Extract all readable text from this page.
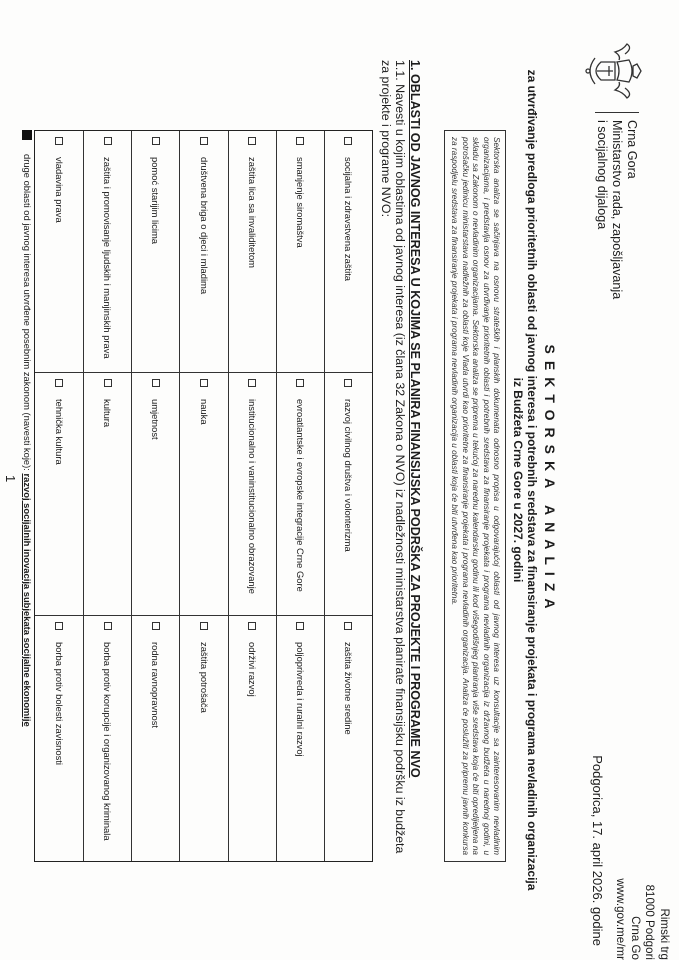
Crna Gora
Ministarstvo rada, zapošljavanja
i socijalnog dijaloga
Rimski trg
81000 Podgori
Crna Go
www.gov.me/mr
Podgorica, 17. april 2026. godine
SEKTORSKA ANALIZA
za utvrđivanje predloga prioritetnih oblasti od javnog interesa i potrebnih sredstava za finansiranje projekata i programa nevladinih organizacija
iz Budžeta Crne Gore u 2027. godini
Sektorska analiza se sačinjava na osnovu strateških i planskih dokumenata odnosno propisa u odgovarajućoj oblasti od javnog interesa uz konsultacije sa zainteresovanim nevladinim organizacijama, i predstavlja osnov za utvrđivanje prioritetnih oblasti i potrebnih sredstava za finansiranje projekata i programa nevladinih organizacija iz državnog budžeta u narednoj godini, u skladu sa Zakonom o nevladinim organizacijama. Sektorska analiza se priprema u tekućoj za narednu kalendarsku godinu ili kod višegodišnjeg planiranja više sredstava koja će biti opredijeljena na potrošačku jedinicu ministarstava nadležnih za oblasti koje Vlada utvrdi kao prioritetne za finansiranje projekata i programa nevladinih organizacija. Analiza će poslužiti za pripremu javnih konkursa za raspodjelu sredstava za finansiranje projekata i programa nevladinih organizacija u oblasti koja će biti utvrđena kao prioritetna.
1. OBLASTI OD JAVNOG INTERESA U KOJIMA SE PLANIRA FINANSIJSKA PODRŠKA ZA PROJEKTE I PROGRAME NVO
1.1. Navesti u kojim oblastima od javnog interesa (iz člana 32 Zakona o NVO) iz nadležnosti ministarstva planirate finansijsku podršku iz budžeta
za projekte i programe NVO:
socijalna i zdravstvena zaštita
razvoj civilnog društva i volonterizma
zaštita životne sredine
smanjenje siromaštva
evroatlantske i evropske integracije Crne Gore
poljoprivreda i ruralni razvoj
zaštita lica sa invaliditetom
institucionalno i vaninstitucionalno obrazovanje
održivi razvoj
društvena briga o djeci i mladima
nauka
zaštita potrošača
pomoć starijim licima
umjetnost
rodna ravnopravnost
zaštita i promovisanje ljudskih i manjinskih prava
kultura
borba protiv korupcije i organizovanog kriminala
vladavina prava
tehnička kultura
borba protiv bolesti zavisnosti
druge oblasti od javnog interesa utvrđene posebnim zakonom (navesti koje):

razvoj socijalnih inovacija subjekata socijalne ekonomije
1
